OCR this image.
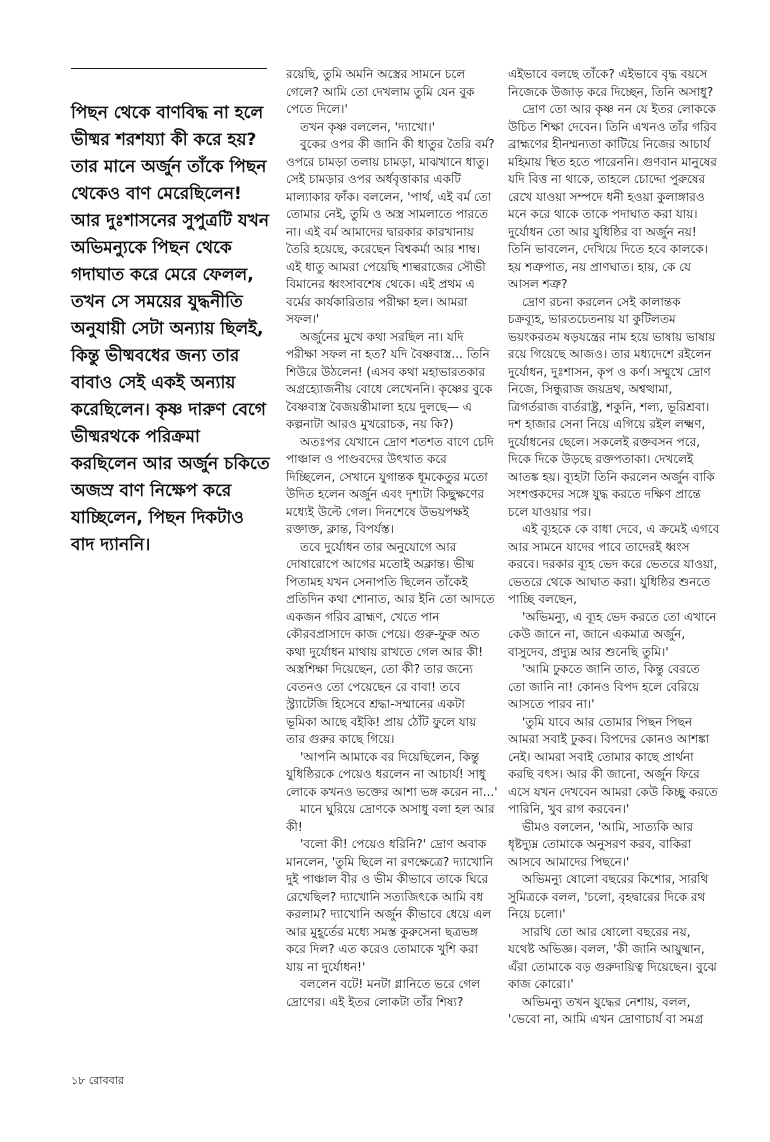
পিছন থেকে বাণবিদ্ধ না হলে ভীষ্মর শরশয্যা কী করে হয়? তার মানে অর্জুন তাঁকে পিছন থেকেও বাণ মেরেছিলেন! আর দুঃশাসনের সুপুত্রটি যখন অভিমন্যুকে পিছন থেকে গদাঘাত করে মেরে ফেলল, তখন সে সময়ের যুদ্ধনীতি অনুযায়ী সেটা অন্যায় ছিলই, কিন্তু ভীষ্মবধের জন্য তার বাবাও সেই একই অন্যায় করেছিলেন। কৃষ্ণ দারুণ বেগে ভীষ্মরথকে পরিক্রমা করছিলেন আর অর্জুন চকিতে অজস্র বাণ নিক্ষেপ করে যাচ্ছিলেন, পিছন দিকটাও বাদ দ্যাননি।

রয়েছি, তুমি অমনি অস্ত্রের সামনে চলে গেলে? আমি তো দেখলাম তুমি যেন বুক পেতে দিলে।'

তখন কৃষ্ণ বললেন, 'দ্যাখো।'

বুকের ওপর কী জানি কী ধাতুর তৈরি বর্ম? ওপরে চামড়া তলায় চামড়া, মাঝখানে ধাতু। সেই চামড়ার ওপর অর্ধবৃত্তাকার একটি মাল্যাকার ফাঁক। বললেন, 'পার্থ, এই বর্ম তো তোমার নেই, তুমি ও অস্ত্র সামলাতে পারতে না। এই বর্ম আমাদের দ্বারকার কারখানায় তৈরি হয়েছে, করেছেন বিশ্বকর্মা আর শাম্ব। এই ধাতু আমরা পেয়েছি শাল্বরাজের সৌভী বিমানের ধ্বংসাবশেষ থেকে। এই প্রথম এ বর্মের কার্যকারিতার পরীক্ষা হল। আমরা সফল।'

অর্জুনের মুখে কথা সরছিল না। যদি পরীক্ষা সফল না হত? যদি বৈষ্ণবাস্ত্র... তিনি শিউরে উঠলেন! (এসব কথা মহাভারতকার অগ্রহ্যোজনীয় বোধে লেখেননি। কৃষ্ণের বুকে বৈষ্ণবাস্ত্র বৈজয়ন্তীমালা হয়ে দুলছে— এ কল্পনাটা আরও মুখরোচক, নয় কি?)

অতঃপর যেখানে দ্রোণ শতশত বাণে চেদি পাঞ্চাল ও পাণ্ডবদের উৎখাত করে দিচ্ছিলেন, সেখানে যুগান্তক ধূমকেতুর মতো উদিত হলেন অর্জুন এবং দৃশ্যটা কিছুক্ষণের মধ্যেই উল্টে গেল। দিনশেষে উভয়পক্ষই রক্তাক্ত, ক্লান্ত, বিপর্যস্ত।

তবে দুর্যোধন তার অনুযোগে আর দোষারোপে আগের মতোই অক্লান্ত। ভীষ্ম পিতামহ যখন সেনাপতি ছিলেন তাঁকেই প্রতিদিন কথা শোনাত, আর ইনি তো আদতে একজন গরিব ব্রাহ্মণ, খেতে পান কৌরবপ্রাসাদে কাজ পেয়ে। গুরু-ফুরু অত কথা দুর্যোধন মাথায় রাখতে গেল আর কী! অস্ত্রশিক্ষা দিয়েছেন, তো কী? তার জন্যে বেতনও তো পেয়েছেন রে বাবা! তবে স্ট্র্যাটেজি হিসেবে শ্রদ্ধা-সম্মানের একটা ভূমিকা আছে বইকি! প্রায় ঠোঁট ফুলে যায় তার গুরুর কাছে গিয়ে।

'আপনি আমাকে বর দিয়েছিলেন, কিন্তু যুধিষ্ঠিরকে পেয়েও ধরলেন না আচার্য! সাধু লোকে কখনও ভক্তের আশা ভঙ্গ করেন না...'

মানে ঘুরিয়ে দ্রোণকে অসাধু বলা হল আর কী!

'বলো কী! পেয়েও ধরিনি?' দ্রোণ অবাক মানলেন, 'তুমি ছিলে না রণক্ষেত্রে? দ্যাখোনি দুই পাঞ্চাল বীর ও ভীম কীভাবে তাকে ঘিরে রেখেছিল? দ্যাখোনি সত্যজিৎকে আমি বধ করলাম? দ্যাখোনি অর্জুন কীভাবে ধেয়ে এল আর মুহূর্তের মধ্যে সমস্ত কুরুসেনা ছত্রভঙ্গ করে দিল? এত করেও তোমাকে খুশি করা যায় না দুর্যোধন!'

বললেন বটে! মনটা গ্লানিতে ভরে গেল দ্রোণের। এই ইতর লোকটা তাঁর শিষ্য?

এইভাবে বলছে তাঁকে? এইভাবে বৃদ্ধ বয়সে নিজেকে উজাড় করে দিচ্ছেন, তিনি অসাধু?

দ্রোণ তো আর কৃষ্ণ নন যে ইতর লোককে উচিত শিক্ষা দেবেন। তিনি এখনও তাঁর গরিব ব্রাহ্মণের হীনম্মন্যতা কাটিয়ে নিজের আচার্য মহিমায় স্থিত হতে পারেননি। গুণবান মানুষের যদি বিত্ত না থাকে, তাহলে চোদ্দো পুরুষের রেখে যাওয়া সম্পদে ধনী হওয়া কুলাঙ্গারও মনে করে থাকে তাকে পদাঘাত করা যায়। দুর্যোধন তো আর যুধিষ্ঠির বা অর্জুন নয়! তিনি ভাবলেন, দেখিয়ে দিতে হবে কালকে। হয় শত্রুপাত, নয় প্রাণঘাত। হায়, কে যে আসল শত্রু?

দ্রোণ রচনা করলেন সেই কালান্তক চক্রব্যূহ, ভারতচেতনায় যা কুটিলতম ভয়ংকরতম ষড়যন্ত্রের নাম হয়ে ভাষায় ভাষায় রয়ে গিয়েছে আজও। তার মধ্যদেশে রইলেন দুর্যোধন, দুঃশাসন, কৃপ ও কর্ণ। সম্মুখে দ্রোণ নিজে, সিন্ধুরাজ জয়দ্রথ, অশ্বত্থামা, ত্রিগর্তরাজ বার্তরাষ্ট্র, শকুনি, শল্য, ভূরিশ্রবা। দশ হাজার সেনা নিয়ে এগিয়ে রইল লক্ষ্মণ, দুর্যোধনের ছেলে। সকলেই রক্তবসন পরে, দিকে দিকে উড়ছে রক্তপতাকা। দেখলেই আতঙ্ক হয়। ব্যূহটা তিনি করলেন অর্জুন বাকি সংশপ্তকদের সঙ্গে যুদ্ধ করতে দক্ষিণ প্রান্তে চলে যাওয়ার পর।

এই ব্যূহকে কে বাধা দেবে, এ ক্রমেই এগবে আর সামনে যাদের পাবে তাদেরই ধ্বংস করবে। দরকার ব্যূহ ভেদ করে ভেতরে যাওয়া, ভেতরে থেকে আঘাত করা। যুধিষ্ঠির শুনতে পাচ্ছি বলছেন,

'অভিমন্যু, এ ব্যূহ ভেদ করতে তো এখানে কেউ জানে না, জানে একমাত্র অর্জুন, বাসুদেব, প্রদ্যুম্ন আর শুনেছি তুমি।'

'আমি ঢুকতে জানি তাত, কিন্তু বেরতে তো জানি না! কোনও বিপদ হলে বেরিয়ে আসতে পারব না।'

'তুমি যাবে আর তোমার পিছন পিছন আমরা সবাই ঢুকব। বিপদের কোনও আশঙ্কা নেই। আমরা সবাই তোমার কাছে প্রার্থনা করছি বৎস। আর কী জানো, অর্জুন ফিরে এসে যখন দেখবেন আমরা কেউ কিচ্ছু করতে পারিনি, খুব রাগ করবেন।'

ভীমও বললেন, 'আমি, সাত্যকি আর ধৃষ্টদ্যুম্ন তোমাকে অনুসরণ করব, বাকিরা আসবে আমাদের পিছনে।'

অভিমন্যু ষোলো বছরের কিশোর, সারথি সুমিত্রকে বলল, 'চলো, বৃহদ্বারের দিকে রথ নিয়ে চলো।'

সারথি তো আর ষোলো বছরের নয়, যথেষ্ট অভিজ্ঞ। বলল, 'কী জানি আয়ুষ্মান, এঁরা তোমাকে বড় গুরুদায়িত্ব দিয়েছেন। বুঝে কাজ কোরো।'

অভিমন্যু তখন যুদ্ধের নেশায়, বলল, 'ভেবো না, আমি এখন দ্রোণাচার্য বা সমগ্র

১৮ রোববার
